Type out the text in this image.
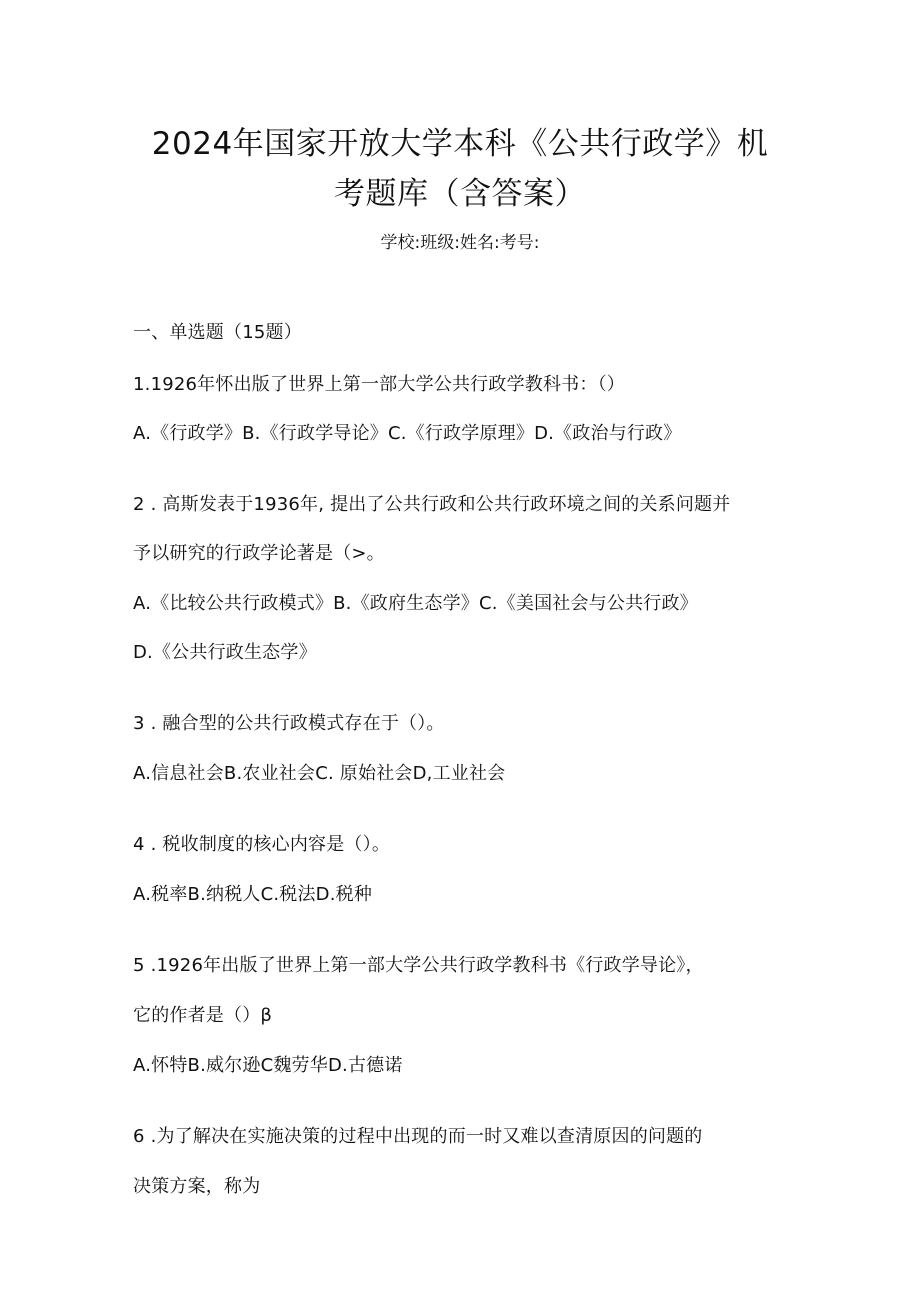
2024年国家开放大学本科《公共行政学》机
考题库（含答案）
学校:班级:姓名:考号:
一、单选题（15题）
1.1926年怀出版了世界上第一部大学公共行政学教科书：（）
A.《行政学》B.《行政学导论》C.《行政学原理》D.《政治与行政》
2 . 高斯发表于1936年, 提出了公共行政和公共行政环境之间的关系问题并
予以研究的行政学论著是（>。
A.《比较公共行政模式》B.《政府生态学》C.《美国社会与公共行政》
D.《公共行政生态学》
3 . 融合型的公共行政模式存在于（）。
A.信息社会B.农业社会C. 原始社会D,工业社会
4 . 税收制度的核心内容是（）。
A.税率B.纳税人C.税法D.税种
5 .1926年出版了世界上第一部大学公共行政学教科书《行政学导论》，
它的作者是（）β
A.怀特B.威尔逊C魏劳华D.古德诺
6 .为了解决在实施决策的过程中出现的而一时又难以查清原因的问题的
决策方案，称为
